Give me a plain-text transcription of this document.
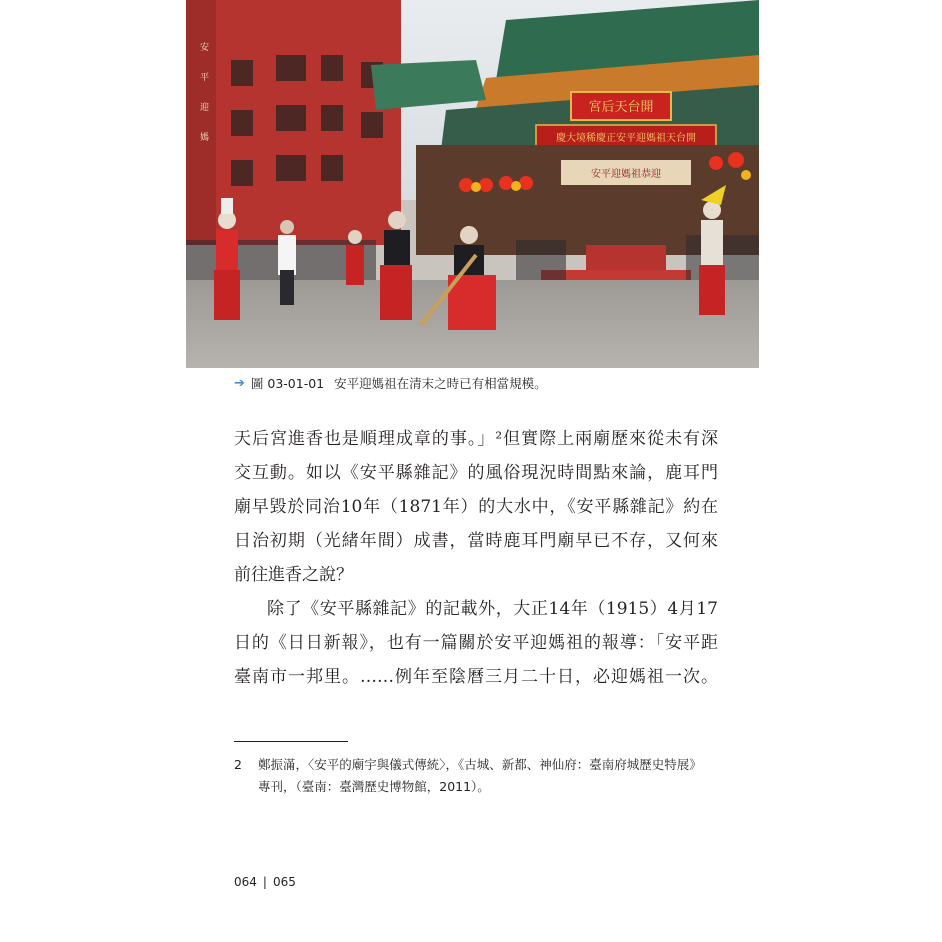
安
平
迎
媽
宮后天台開
慶大境稀慶正安平迎媽祖天台開
安平迎媽祖恭迎
➔ 圖 03-01-01 安平迎媽祖在清末之時已有相當規模。
天后宮進香也是順理成章的事。」²但實際上兩廟歷來從未有深
交互動。如以《安平縣雜記》的風俗現況時間點來論，鹿耳門
廟早毀於同治10年（1871年）的大水中，《安平縣雜記》約在
日治初期（光緒年間）成書，當時鹿耳門廟早已不存，又何來
前往進香之說？
除了《安平縣雜記》的記載外，大正14年（1915）4月17
日的《日日新報》，也有一篇關於安平迎媽祖的報導：「安平距
臺南市一邦里。……例年至陰曆三月二十日，必迎媽祖一次。
2 鄭振滿，〈安平的廟宇與儀式傳統〉，《古城、新都、神仙府：臺南府城歷史特展》
專刊，（臺南：臺灣歷史博物館，2011）。
064 | 065
